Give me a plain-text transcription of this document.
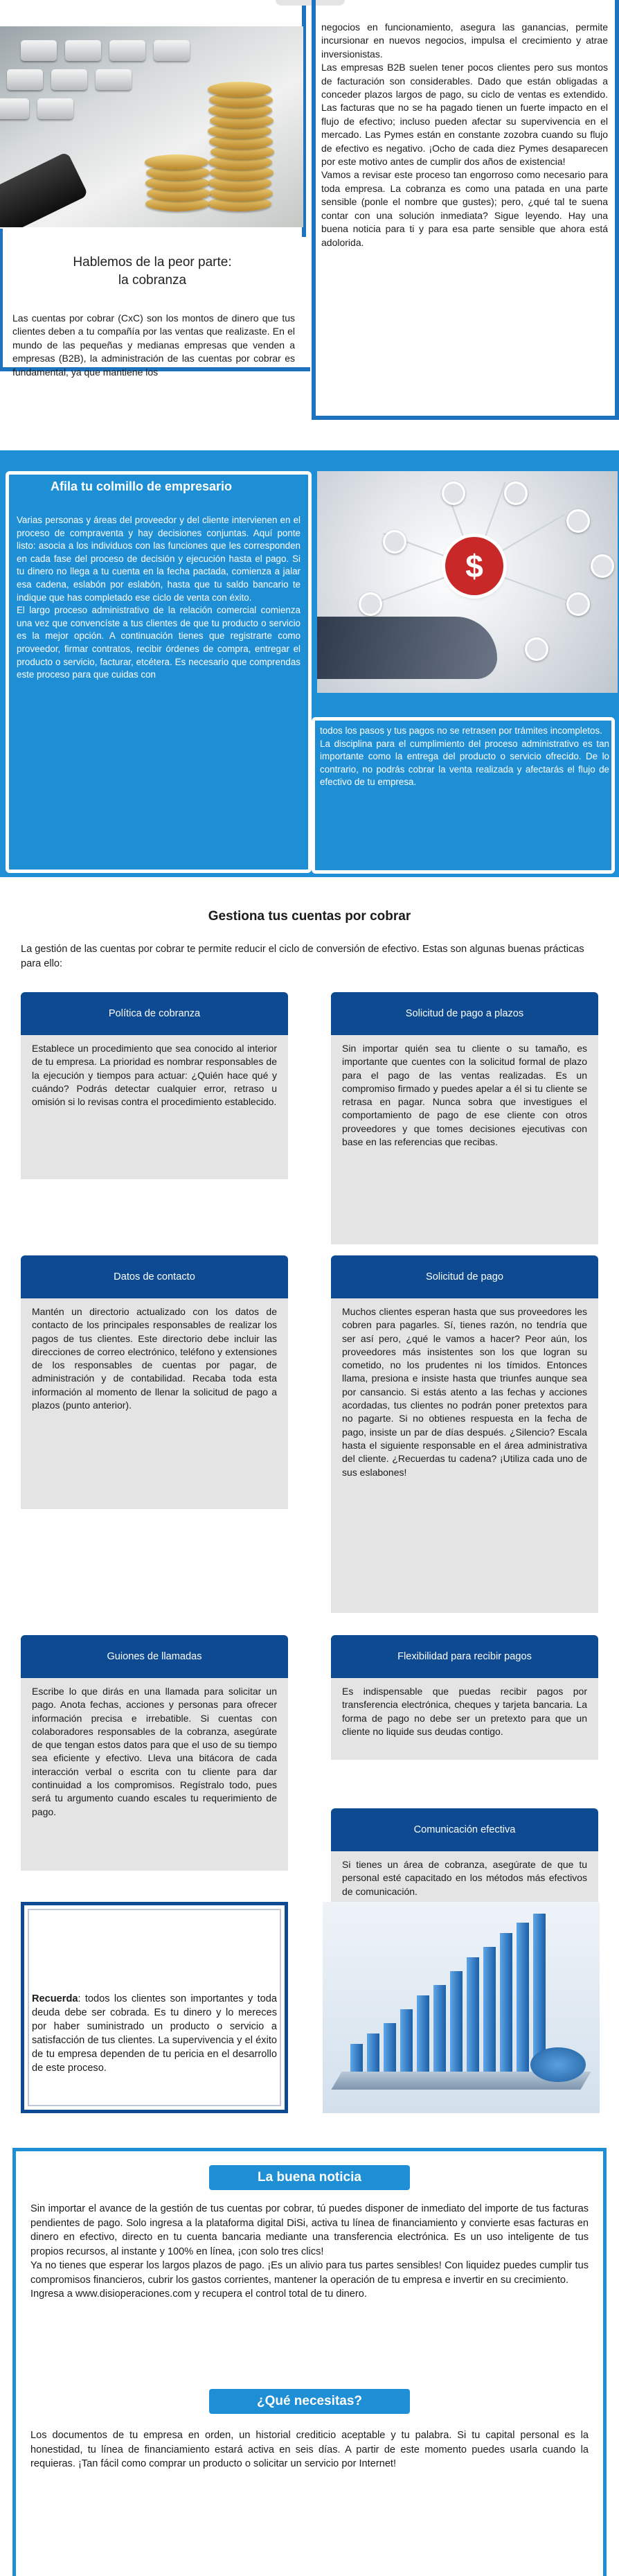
Hablemos de la peor parte:
la cobranza

Las cuentas por cobrar (CxC) son los montos de dinero que tus clientes deben a tu compañía por las ventas que realizaste. En el mundo de las pequeñas y medianas empresas que venden a empresas (B2B), la administración de las cuentas por cobrar es fundamental, ya que mantiene los

negocios en funcionamiento, asegura las ganancias, permite incursionar en nuevos negocios, impulsa el crecimiento y atrae inversionistas.

Las empresas B2B suelen tener pocos clientes pero sus montos de facturación son considerables. Dado que están obligadas a conceder plazos largos de pago, su ciclo de ventas es extendido. Las facturas que no se ha pagado tienen un fuerte impacto en el flujo de efectivo; incluso pueden afectar su supervivencia en el mercado. Las Pymes están en constante zozobra cuando su flujo de efectivo es negativo. ¡Ocho de cada diez Pymes desaparecen por este motivo antes de cumplir dos años de existencia!

Vamos a revisar este proceso tan engorroso como necesario para toda empresa. La cobranza es como una patada en una parte sensible (ponle el nombre que gustes); pero, ¿qué tal te suena contar con una solución inmediata? Sigue leyendo. Hay una buena noticia para ti y para esa parte sensible que ahora está adolorida.

Afila tu colmillo de empresario

Varias personas y áreas del proveedor y del cliente intervienen en el proceso de compraventa y hay decisiones conjuntas. Aquí ponte listo: asocia a los individuos con las funciones que les corresponden en cada fase del proceso de decisión y ejecución hasta el pago. Si tu dinero no llega a tu cuenta en la fecha pactada, comienza a jalar esa cadena, eslabón por eslabón, hasta que tu saldo bancario te indique que has completado ese ciclo de venta con éxito.

El largo proceso administrativo de la relación comercial comienza una vez que convencíste a tus clientes de que tu producto o servicio es la mejor opción. A continuación tienes que registrarte como proveedor, firmar contratos, recibir órdenes de compra, entregar el producto o servicio, facturar, etcétera. Es necesario que comprendas este proceso para que cuidas con

$

todos los pasos y tus pagos no se retrasen por trámites incompletos.

La disciplina para el cumplimiento del proceso administrativo es tan importante como la entrega del producto o servicio ofrecido. De lo contrario, no podrás cobrar la venta realizada y afectarás el flujo de efectivo de tu empresa.

Gestiona tus cuentas por cobrar

La gestión de las cuentas por cobrar te permite reducir el ciclo de conversión de efectivo. Estas son algunas buenas prácticas para ello:

Política de cobranza
Establece un procedimiento que sea conocido al interior de tu empresa. La prioridad es nombrar responsables de la ejecución y tiempos para actuar: ¿Quién hace qué y cuándo? Podrás detectar cualquier error, retraso u omisión si lo revisas contra el procedimiento establecido.
Solicitud de pago a plazos
Sin importar quién sea tu cliente o su tamaño, es importante que cuentes con la solicitud formal de plazo para el pago de las ventas realizadas. Es un compromiso firmado y puedes apelar a él si tu cliente se retrasa en pagar. Nunca sobra que investigues el comportamiento de pago de ese cliente con otros proveedores y que tomes decisiones ejecutivas con base en las referencias que recibas.
Datos de contacto
Mantén un directorio actualizado con los datos de contacto de los principales responsables de realizar los pagos de tus clientes. Este directorio debe incluir las direcciones de correo electrónico, teléfono y extensiones de los responsables de cuentas por pagar, de administración y de contabilidad. Recaba toda esta información al momento de llenar la solicitud de pago a plazos (punto anterior).
Solicitud de pago
Muchos clientes esperan hasta que sus proveedores les cobren para pagarles. Sí, tienes razón, no tendría que ser así pero, ¿qué le vamos a hacer? Peor aún, los proveedores más insistentes son los que logran su cometido, no los prudentes ni los tímidos. Entonces llama, presiona e insiste hasta que triunfes aunque sea por cansancio. Si estás atento a las fechas y acciones acordadas, tus clientes no podrán poner pretextos para no pagarte. Si no obtienes respuesta en la fecha de pago, insiste un par de días después. ¿Silencio? Escala hasta el siguiente responsable en el área administrativa del cliente. ¿Recuerdas tu cadena? ¡Utiliza cada uno de sus eslabones!
Guiones de llamadas
Escribe lo que dirás en una llamada para solicitar un pago. Anota fechas, acciones y personas para ofrecer información precisa e irrebatible. Si cuentas con colaboradores responsables de la cobranza, asegúrate de que tengan estos datos para que el uso de su tiempo sea eficiente y efectivo. Lleva una bitácora de cada interacción verbal o escrita con tu cliente para dar continuidad a los compromisos. Regístralo todo, pues será tu argumento cuando escales tu requerimiento de pago.
Flexibilidad para recibir pagos
Es indispensable que puedas recibir pagos por transferencia electrónica, cheques y tarjeta bancaria. La forma de pago no debe ser un pretexto para que un cliente no liquide sus deudas contigo.
Comunicación efectiva
Si tienes un área de cobranza, asegúrate de que tu personal esté capacitado en los métodos más efectivos de comunicación.

Recuerda: todos los clientes son importantes y toda deuda debe ser cobrada. Es tu dinero y lo mereces por haber suministrado un producto o servicio a satisfacción de tus clientes. La supervivencia y el éxito de tu empresa dependen de tu pericia en el desarrollo de este proceso.

La buena noticia

Sin importar el avance de la gestión de tus cuentas por cobrar, tú puedes disponer de inmediato del importe de tus facturas pendientes de pago. Solo ingresa a la plataforma digital DiSi, activa tu línea de financiamiento y convierte esas facturas en dinero en efectivo, directo en tu cuenta bancaria mediante una transferencia electrónica. Es un uso inteligente de tus propios recursos, al instante y 100% en línea, ¡con solo tres clics!

Ya no tienes que esperar los largos plazos de pago. ¡Es un alivio para tus partes sensibles! Con liquidez puedes cumplir tus compromisos financieros, cubrir los gastos corrientes, mantener la operación de tu empresa e invertir en su crecimiento.

Ingresa a www.disioperaciones.com y recupera el control total de tu dinero.

¿Qué necesitas?

Los documentos de tu empresa en orden, un historial crediticio aceptable y tu palabra. Si tu capital personal es la honestidad, tu línea de financiamiento estará activa en seis días. A partir de este momento puedes usarla cuando la requieras. ¡Tan fácil como comprar un producto o solicitar un servicio por Internet!
